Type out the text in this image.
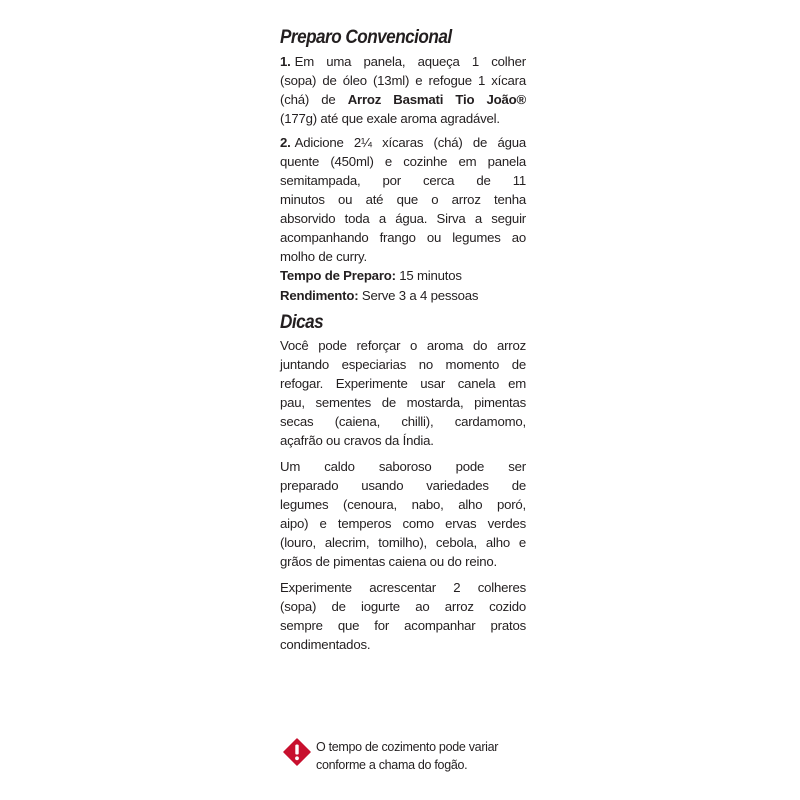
Preparo Convencional
1. Em uma panela, aqueça 1 colher
(sopa) de óleo (13ml) e refogue 1 xícara
(chá) de Arroz Basmati Tio João®
(177g) até que exale aroma agradável.
2. Adicione 2¼ xícaras (chá) de água
quente (450ml) e cozinhe em panela
semitampada, por cerca de 11
minutos ou até que o arroz tenha
absorvido toda a água. Sirva a seguir
acompanhando frango ou legumes ao
molho de curry.
Tempo de Preparo: 15 minutos
Rendimento: Serve 3 a 4 pessoas
Dicas
Você pode reforçar o aroma do arroz
juntando especiarias no momento de
refogar. Experimente usar canela em
pau, sementes de mostarda, pimentas
secas (caiena, chilli), cardamomo,
açafrão ou cravos da Índia.
Um caldo saboroso pode ser
preparado usando variedades de
legumes (cenoura, nabo, alho poró,
aipo) e temperos como ervas verdes
(louro, alecrim, tomilho), cebola, alho e
grãos de pimentas caiena ou do reino.
Experimente acrescentar 2 colheres
(sopa) de iogurte ao arroz cozido
sempre que for acompanhar pratos
condimentados.
O tempo de cozimento pode variar
conforme a chama do fogão.
